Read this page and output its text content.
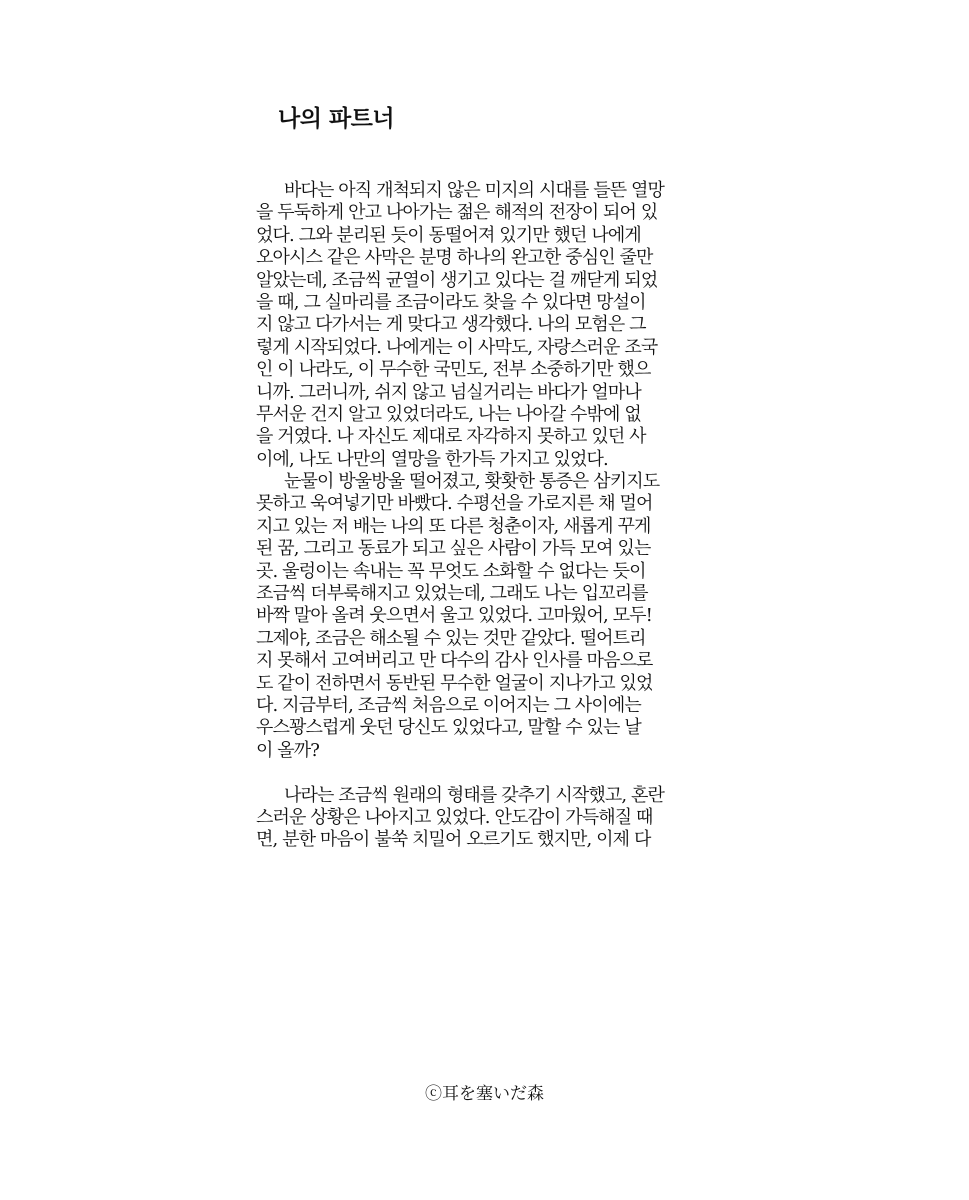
나의 파트너
바다는 아직 개척되지 않은 미지의 시대를 들뜬 열망
을 두둑하게 안고 나아가는 젊은 해적의 전장이 되어 있
었다. 그와 분리된 듯이 동떨어져 있기만 했던 나에게
오아시스 같은 사막은 분명 하나의 완고한 중심인 줄만
알았는데, 조금씩 균열이 생기고 있다는 걸 깨닫게 되었
을 때, 그 실마리를 조금이라도 찾을 수 있다면 망설이
지 않고 다가서는 게 맞다고 생각했다. 나의 모험은 그
렇게 시작되었다. 나에게는 이 사막도, 자랑스러운 조국
인 이 나라도, 이 무수한 국민도, 전부 소중하기만 했으
니까. 그러니까, 쉬지 않고 넘실거리는 바다가 얼마나
무서운 건지 알고 있었더라도, 나는 나아갈 수밖에 없
을 거였다. 나 자신도 제대로 자각하지 못하고 있던 사
이에, 나도 나만의 열망을 한가득 가지고 있었다.
눈물이 방울방울 떨어졌고, 홧홧한 통증은 삼키지도
못하고 욱여넣기만 바빴다. 수평선을 가로지른 채 멀어
지고 있는 저 배는 나의 또 다른 청춘이자, 새롭게 꾸게
된 꿈, 그리고 동료가 되고 싶은 사람이 가득 모여 있는
곳. 울렁이는 속내는 꼭 무엇도 소화할 수 없다는 듯이
조금씩 더부룩해지고 있었는데, 그래도 나는 입꼬리를
바짝 말아 올려 웃으면서 울고 있었다. 고마웠어, 모두!
그제야, 조금은 해소될 수 있는 것만 같았다. 떨어트리
지 못해서 고여버리고 만 다수의 감사 인사를 마음으로
도 같이 전하면서 동반된 무수한 얼굴이 지나가고 있었
다. 지금부터, 조금씩 처음으로 이어지는 그 사이에는
우스꽝스럽게 웃던 당신도 있었다고, 말할 수 있는 날
이 올까?
나라는 조금씩 원래의 형태를 갖추기 시작했고, 혼란
스러운 상황은 나아지고 있었다. 안도감이 가득해질 때
면, 분한 마음이 불쑥 치밀어 오르기도 했지만, 이제 다
ⓒ耳を塞いだ森
